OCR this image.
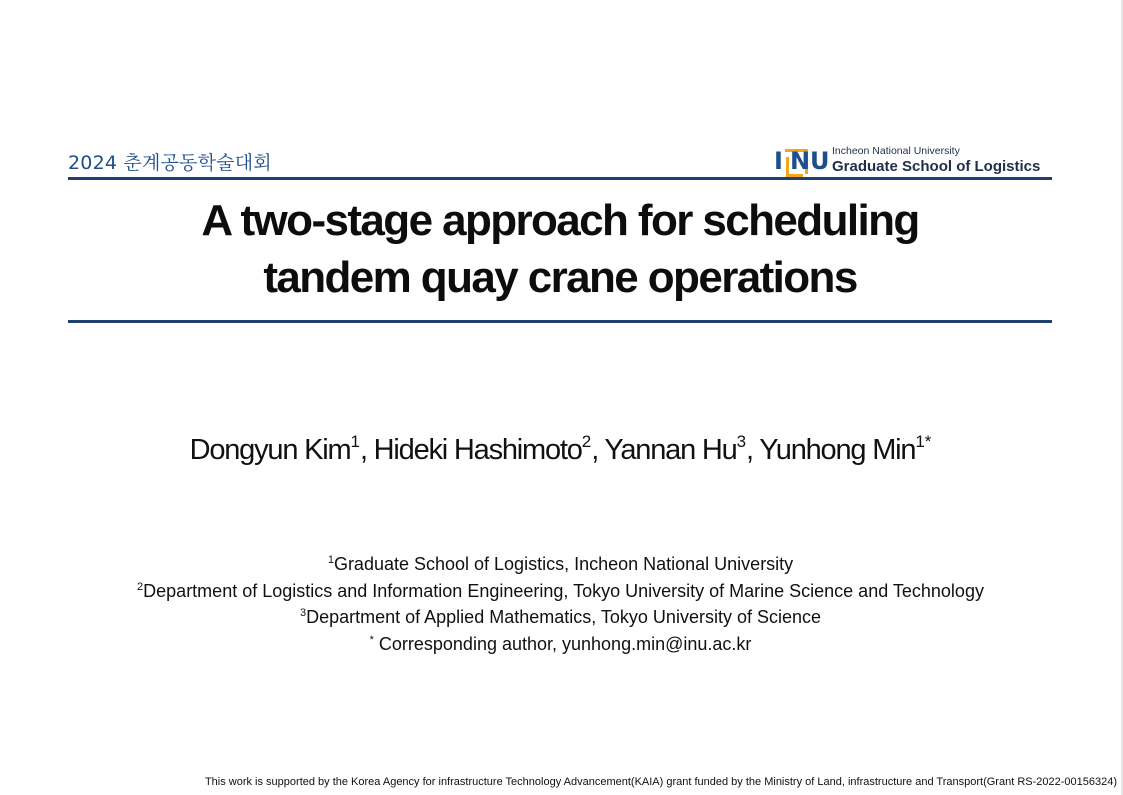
2024 춘계공동학술대회	I N U Incheon National University
Graduate School of Logistics
A two-stage approach for scheduling
tandem quay crane operations
Dongyun Kim$^1$, Hideki Hashimoto$^2$, Yannan Hu$^3$, Yunhong Min$^{1*}$
$^1$Graduate School of Logistics, Incheon National University
$^2$Department of Logistics and Information Engineering, Tokyo University of Marine Science and Technology
$^3$Department of Applied Mathematics, Tokyo University of Science
* Corresponding author, yunhong.min@inu.ac.kr
This work is supported by the Korea Agency for infrastructure Technology Advancement(KAIA) grant funded by the Ministry of Land, infrastructure and Transport(Grant RS-2022-00156324)
